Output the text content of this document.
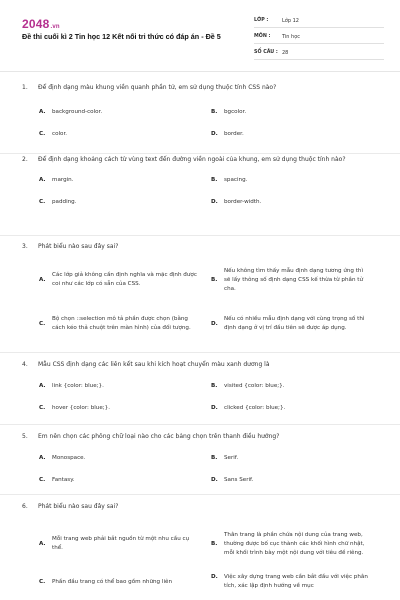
2048.vn
Đề thi cuối kì 2 Tin học 12 Kết nối tri thức có đáp án - Đề 5
LỚP :	Lớp 12
MÔN :	Tin học
SỐ CÂU : 28
1.	Để định dạng màu khung viền quanh phần tử, em sử dụng thuộc tính CSS nào?
A.	background-color.	B.	bgcolor.
C.	color.	D.	border.
2.	Để định dạng khoảng cách từ vùng text đến đường viền ngoài của khung, em sử dụng thuộc tính nào?
A.	margin.	B.	spacing.
C.	padding.	D.	border-width.
3.	Phát biểu nào sau đây sai?
A.
Các lớp giả không cần định nghĩa và mặc định được coi như các lớp có sẵn của CSS.
B.
Nếu không tìm thấy mẫu định dạng tương ứng thì sẽ lấy thông số định dạng CSS kế thừa từ phần tử cha.
C.
Bộ chọn ::selection mô tả phần được chọn (bằng cách kéo thả chuột trên màn hình) của đối tượng.
D.
Nếu có nhiều mẫu định dạng với cùng trọng số thì định dạng ở vị trí đầu tiên sẽ được áp dụng.
4.	Mẫu CSS định dạng các liên kết sau khi kích hoạt chuyển màu xanh dương là
A.	link {color: blue;}.	B.	visited {color: blue;}.
C.	hover {color: blue;}.	D.	clicked {color: blue;}.
5.	Em nên chọn các phông chữ loại nào cho các bảng chọn trên thanh điều hướng?
A.	Monospace.	B.	Serif.
C.	Fantasy.	D.	Sans Serif.
6.	Phát biểu nào sau đây sai?
A.
Mỗi trang web phải bắt nguồn từ một nhu cầu cụ thể.
B.
Thân trang là phần chứa nội dung của trang web, thường được bố cục thành các khối hình chữ nhật, mỗi khối trình bày một nội dung với tiêu đề riêng.
C.	Phần đầu trang có thể bao gồm những liên
D.	Việc xây dựng trang web cần bắt đầu với việc phân tích, xác lập định hướng về mục
